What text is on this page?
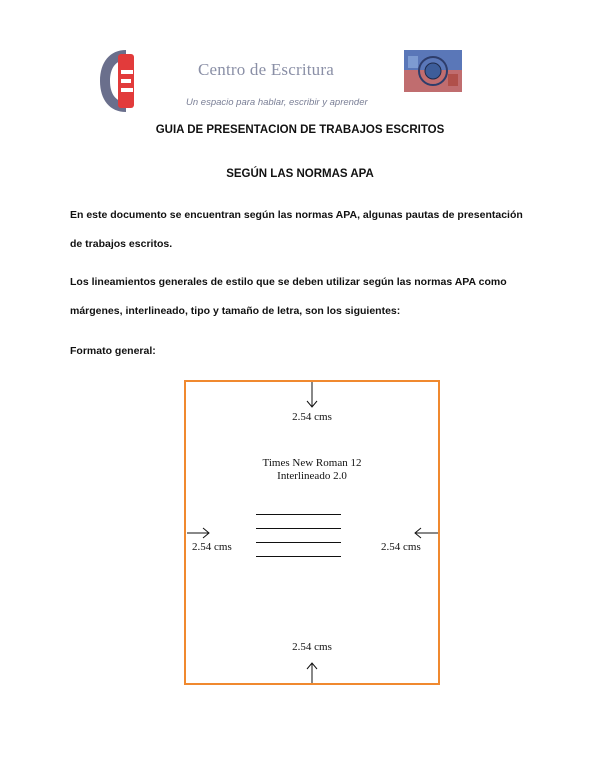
Centro de Escritura
Un espacio para hablar, escribir y aprender
GUIA DE PRESENTACION DE TRABAJOS ESCRITOS
SEGÚN LAS NORMAS APA
En este documento se encuentran según las normas APA, algunas pautas de presentación
de trabajos escritos.
Los lineamientos generales de estilo que se deben utilizar según las normas APA como
márgenes, interlineado, tipo y tamaño de letra, son los siguientes:
Formato general:
2.54 cms
Times New Roman 12
Interlineado 2.0
2.54 cms	2.54 cms
2.54 cms
